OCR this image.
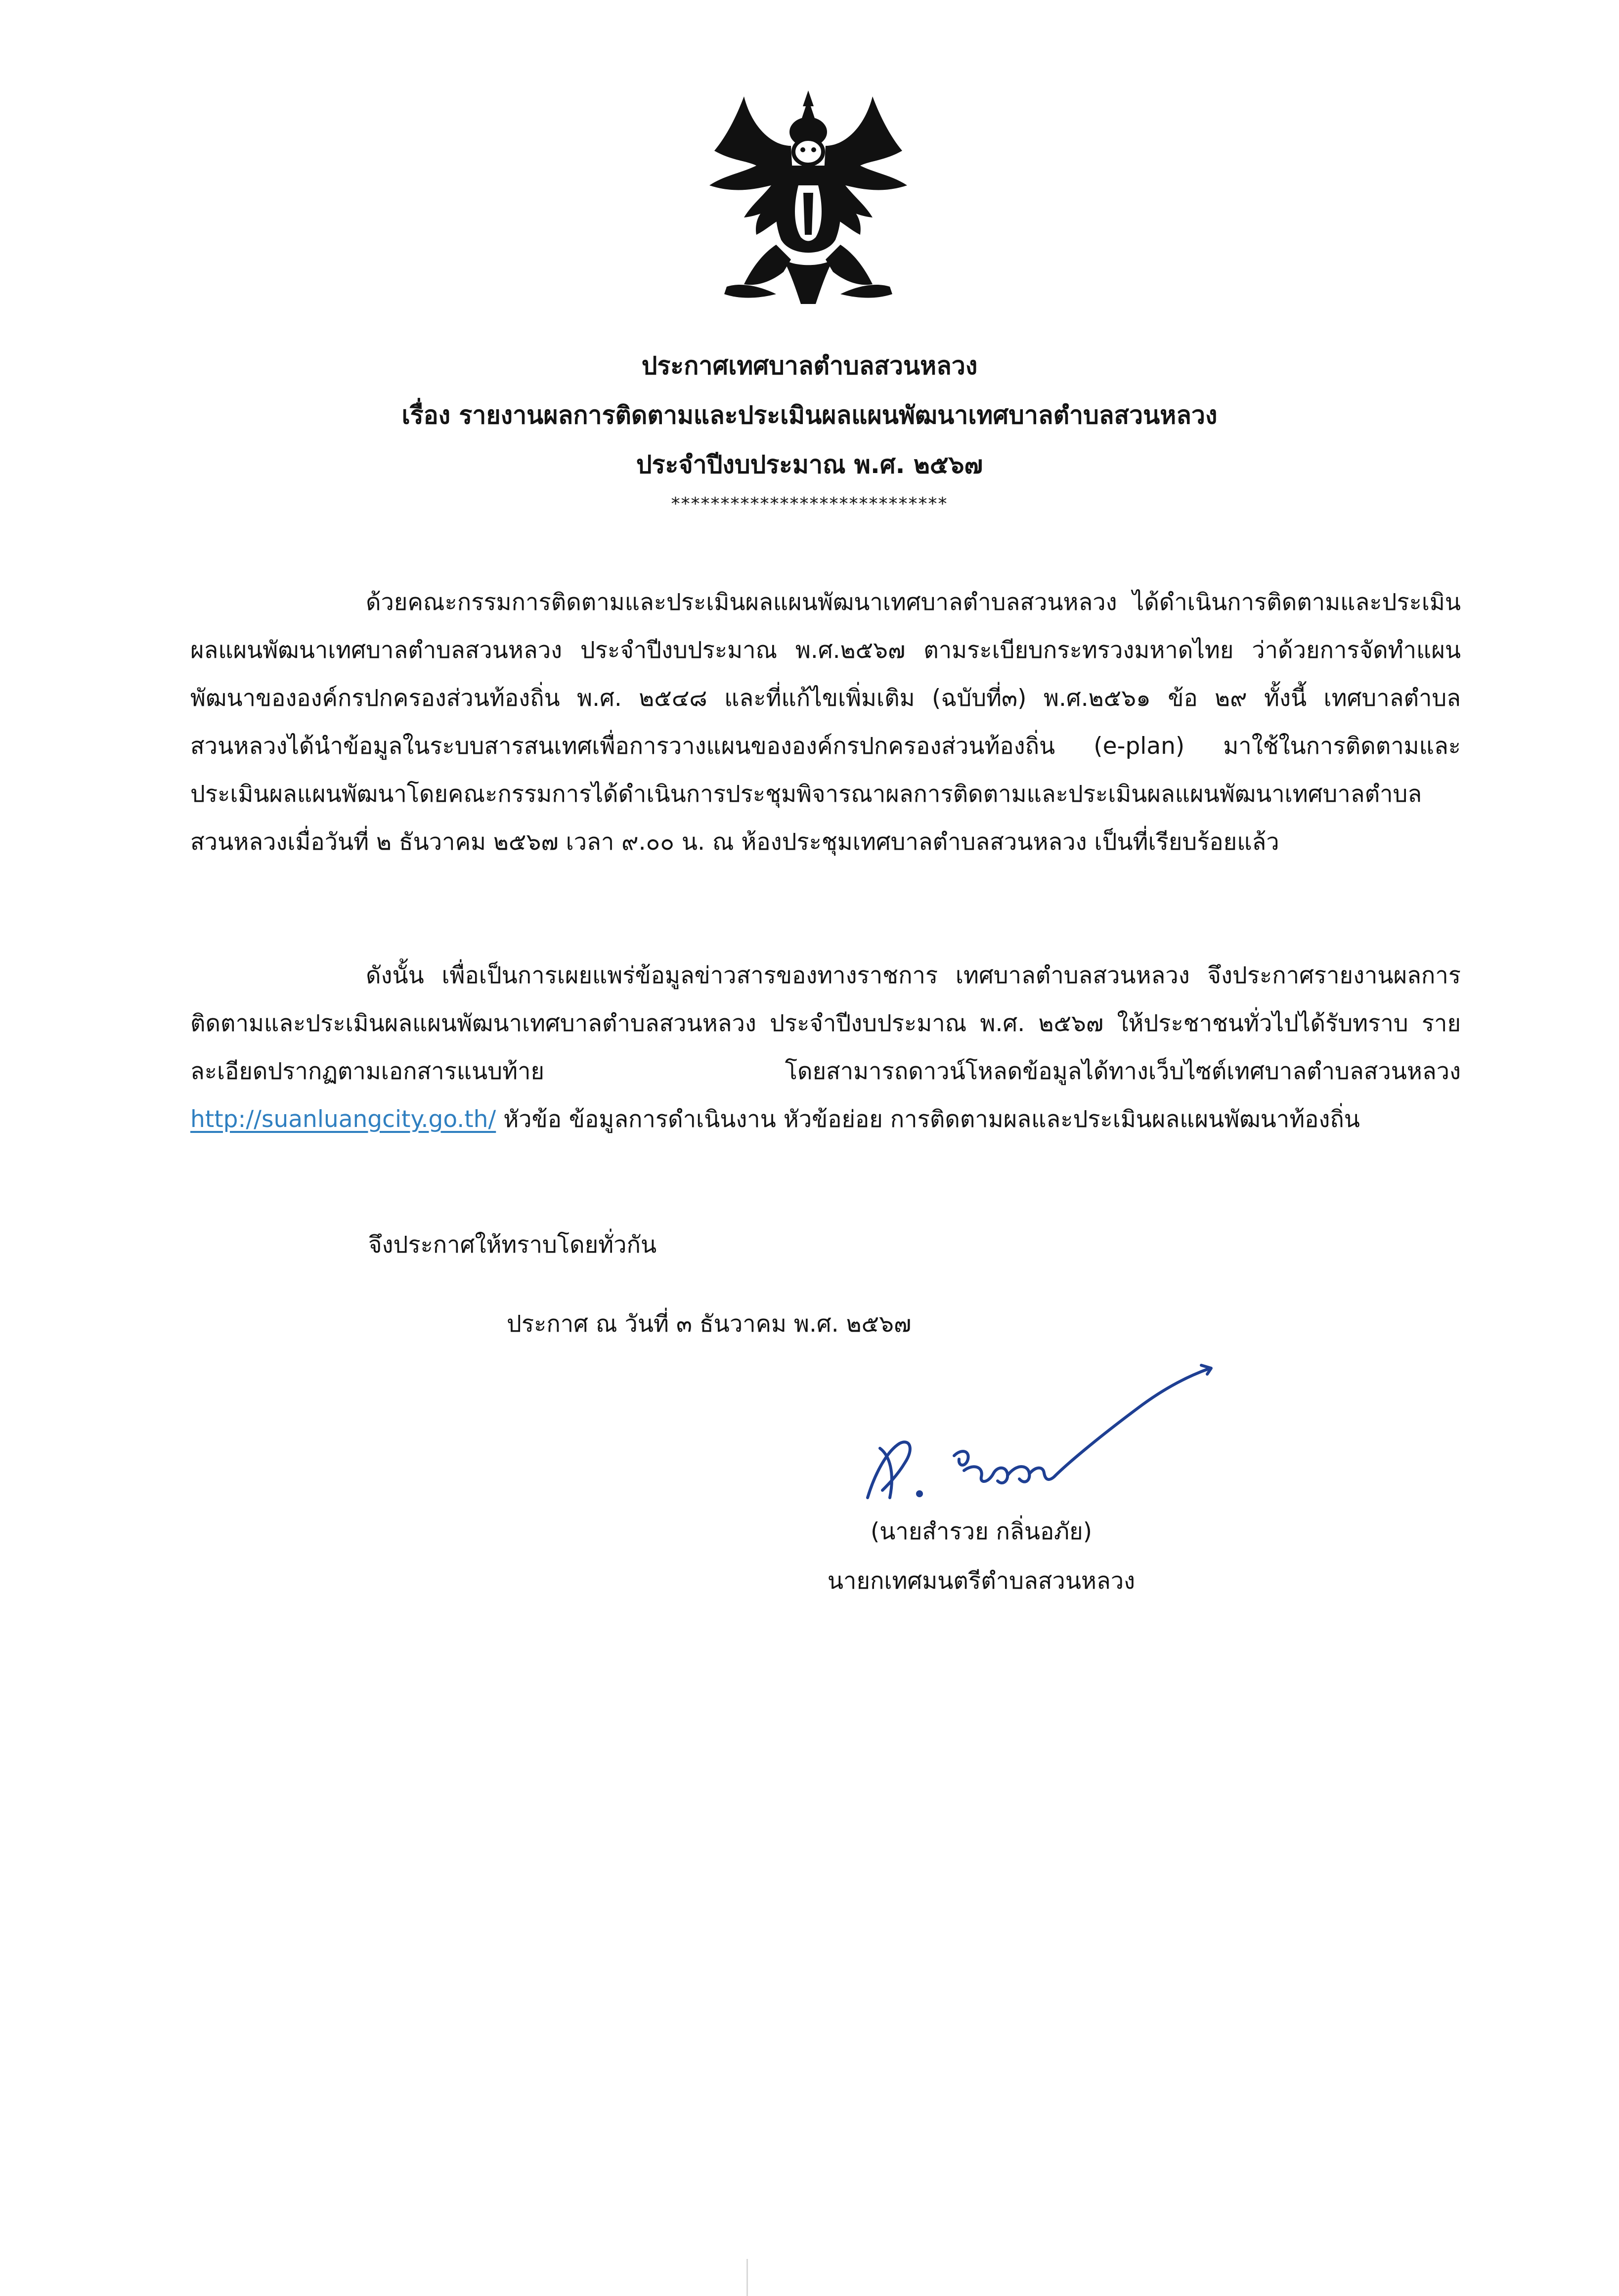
ประกาศเทศบาลตำบลสวนหลวง
เรื่อง รายงานผลการติดตามและประเมินผลแผนพัฒนาเทศบาลตำบลสวนหลวง
ประจำปีงบประมาณ พ.ศ. ๒๕๖๗
****************************

ด้วยคณะกรรมการติดตามและประเมินผลแผนพัฒนาเทศบาลตำบลสวนหลวง ได้ดำเนินการติดตามและประเมินผลแผนพัฒนาเทศบาลตำบลสวนหลวง ประจำปีงบประมาณ พ.ศ.๒๕๖๗ ตามระเบียบกระทรวงมหาดไทย ว่าด้วยการจัดทำแผนพัฒนาขององค์กรปกครองส่วนท้องถิ่น พ.ศ. ๒๕๔๘ และที่แก้ไขเพิ่มเติม (ฉบับที่๓) พ.ศ.๒๕๖๑ ข้อ ๒๙ ทั้งนี้ เทศบาลตำบลสวนหลวงได้นำข้อมูลในระบบสารสนเทศเพื่อการวางแผนขององค์กรปกครองส่วนท้องถิ่น (e-plan) มาใช้ในการติดตามและประเมินผลแผนพัฒนาโดยคณะกรรมการได้ดำเนินการประชุมพิจารณาผลการติดตามและประเมินผลแผนพัฒนาเทศบาลตำบลสวนหลวงเมื่อวันที่ ๒ ธันวาคม ๒๕๖๗ เวลา ๙.๐๐ น. ณ ห้องประชุมเทศบาลตำบลสวนหลวง เป็นที่เรียบร้อยแล้ว

ดังนั้น เพื่อเป็นการเผยแพร่ข้อมูลข่าวสารของทางราชการ เทศบาลตำบลสวนหลวง จึงประกาศรายงานผลการติดตามและประเมินผลแผนพัฒนาเทศบาลตำบลสวนหลวง ประจำปีงบประมาณ พ.ศ. ๒๕๖๗ ให้ประชาชนทั่วไปได้รับทราบ รายละเอียดปรากฏตามเอกสารแนบท้าย โดยสามารถดาวน์โหลดข้อมูลได้ทางเว็บไซต์เทศบาลตำบลสวนหลวง http://suanluangcity.go.th/ หัวข้อ ข้อมูลการดำเนินงาน หัวข้อย่อย การติดตามผลและประเมินผลแผนพัฒนาท้องถิ่น

จึงประกาศให้ทราบโดยทั่วกัน
ประกาศ ณ วันที่ ๓ ธันวาคม พ.ศ. ๒๕๖๗
(นายสำรวย กลิ่นอภัย)
นายกเทศมนตรีตำบลสวนหลวง
